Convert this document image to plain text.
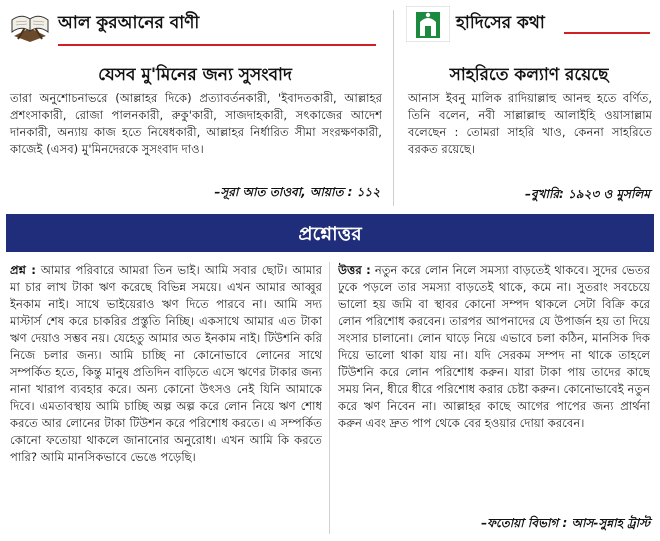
আল কুরআনের বাণী
যেসব মু'মিনের জন্য সুসংবাদ
তারা অনুশোচনাভরে (আল্লাহর দিকে) প্রত্যাবর্তনকারী, 'ইবাদতকারী, আল্লাহর প্রশংসাকারী, রোজা পালনকারী, রুকু'কারী, সাজদাহকারী, সৎকাজের আদেশ দানকারী, অন্যায় কাজ হতে নিষেধকারী, আল্লাহর নির্ধারিত সীমা সংরক্ষণকারী, কাজেই (এসব) মু'মিনদেরকে সুসংবাদ দাও।
–সূরা আত তাওবা, আয়াত : ১১২
হাদিসের কথা
সাহরিতে কল্যাণ রয়েছে
আনাস ইবনু মালিক রাদিয়াল্লাহু আনহু হতে বর্ণিত, তিনি বলেন, নবী সাল্লাল্লাহু আলাইহি ওয়াসাল্লাম বলেছেন : তোমরা সাহরি খাও, কেননা সাহরিতে বরকত রয়েছে।
–বুখারি: ১৯২৩ ও মুসলিম
প্রশ্নোত্তর
প্রশ্ন : আমার পরিবারে আমরা তিন ভাই। আমি সবার ছোট। আমার মা চার লাখ টাকা ঋণ করেছে বিভিন্ন সময়ে। এখন আমার আব্বুর ইনকাম নাই। সাথে ভাইয়েরাও ঋণ দিতে পারবে না। আমি সদ্য মাস্টার্স শেষ করে চাকরির প্রস্তুতি নিচ্ছি। একসাথে আমার এত টাকা ঋণ দেয়াও সম্ভব নয়। যেহেতু আমার অত ইনকাম নাই। টিউশনি করি নিজে চলার জন্য। আমি চাচ্ছি না কোনোভাবে লোনের সাথে সম্পর্কিত হতে, কিন্তু মানুষ প্রতিদিন বাড়িতে এসে ঋণের টাকার জন্য নানা খারাপ ব্যবহার করে। অন্য কোনো উৎসও নেই যিনি আমাকে দিবে। এমতাবস্থায় আমি চাচ্ছি অল্প অল্প করে লোন নিয়ে ঋণ শোধ করতে আর লোনের টাকা টিউশন করে পরিশোধ করতে। এ সম্পর্কিত কোনো ফতোয়া থাকলে জানানোর অনুরোধ। এখন আমি কি করতে পারি? আমি মানসিকভাবে ভেঙে পড়েছি।
উত্তর : নতুন করে লোন নিলে সমস্যা বাড়তেই থাকবে। সুদের ভেতর ঢুকে পড়লে তার সমস্যা বাড়তেই থাকে, কমে না। সুতরাং সবচেয়ে ভালো হয় জমি বা স্থাবর কোনো সম্পদ থাকলে সেটা বিক্রি করে লোন পরিশোধ করবেন। তারপর আপনাদের যে উপার্জন হয় তা দিয়ে সংসার চালানো। লোন ঘাড়ে নিয়ে এভাবে চলা কঠিন, মানসিক দিক দিয়ে ভালো থাকা যায় না। যদি সেরকম সম্পদ না থাকে তাহলে টিউশনি করে লোন পরিশোধ করুন। যারা টাকা পায় তাদের কাছে সময় নিন, ধীরে ধীরে পরিশোধ করার চেষ্টা করুন। কোনোভাবেই নতুন করে ঋণ নিবেন না। আল্লাহর কাছে আগের পাপের জন্য প্রার্থনা করুন এবং দ্রুত পাপ থেকে বের হওয়ার দোয়া করবেন।
–ফতোয়া বিভাগ : আস-সুন্নাহ ট্রাস্ট
